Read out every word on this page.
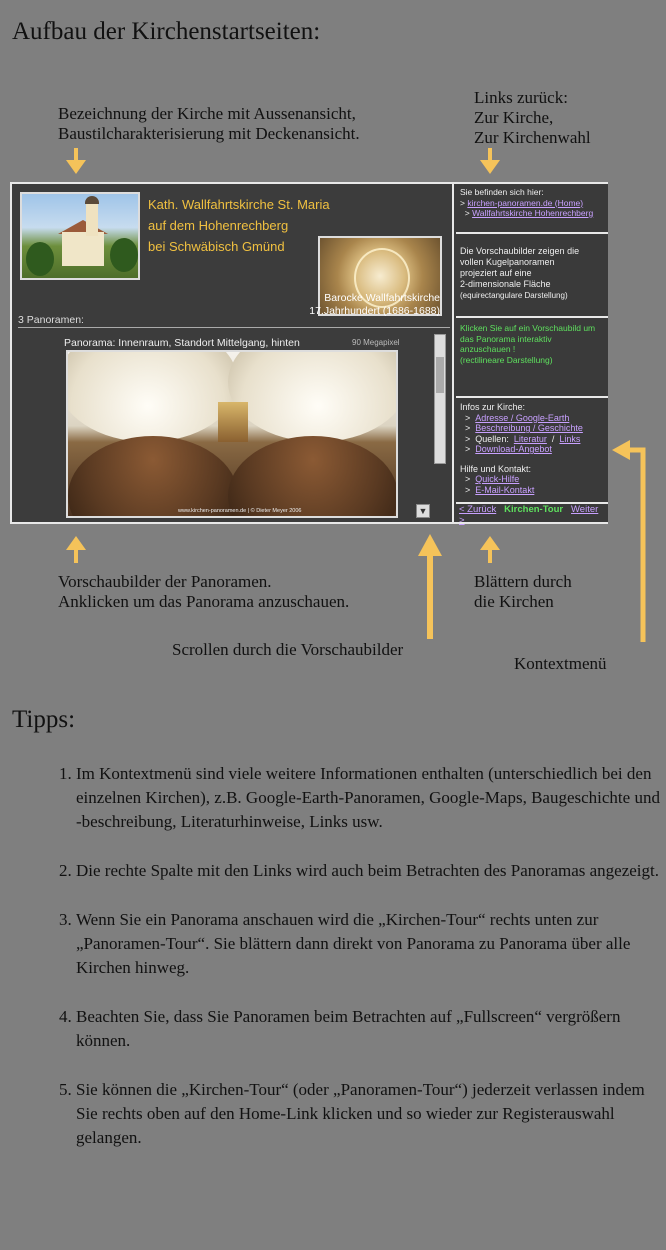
Aufbau der Kirchenstartseiten:
Bezeichnung der Kirche mit Aussenansicht,
Baustilcharakterisierung mit Deckenansicht.
Links zurück:
Zur Kirche,
Zur Kirchenwahl
Kath. Wallfahrtskirche St. Maria
auf dem Hohenrechberg
bei Schwäbisch Gmünd
Barocke Wallfahrtskirche
17.Jahrhundert (1686-1688)
3 Panoramen:
Panorama: Innenraum, Standort Mittelgang, hinten	90 Megapixel
www.kirchen-panoramen.de | © Dieter Meyer 2006	▼
Sie befinden sich hier:
> kirchen-panoramen.de (Home)
> Wallfahrtskirche Hohenrechberg
Die Vorschaubilder zeigen die
vollen Kugelpanoramen
projeziert auf eine
2-dimensionale Fläche
(equirectangulare Darstellung)
Klicken Sie auf ein Vorschaubild um
das Panorama interaktiv
anzuschauen !
(rectilineare Darstellung)
Infos zur Kirche:
> Adresse / Google-Earth
> Beschreibung / Geschichte
> Quellen: Literatur / Links
> Download-Angebot
Hilfe und Kontakt:
> Quick-Hilfe
> E-Mail-Kontakt
< Zurück Kirchen-Tour Weiter >
Vorschaubilder der Panoramen.
Anklicken um das Panorama anzuschauen.
Blättern durch
die Kirchen
Scrollen durch die Vorschaubilder
Kontextmenü
Tipps:
1. Im Kontextmenü sind viele weitere Informationen enthalten (unterschiedlich bei den einzelnen Kirchen), z.B. Google-Earth-Panoramen, Google-Maps, Baugeschichte und -beschreibung, Literaturhinweise, Links usw.
2. Die rechte Spalte mit den Links wird auch beim Betrachten des Panoramas angezeigt.
3. Wenn Sie ein Panorama anschauen wird die „Kirchen-Tour“ rechts unten zur „Panoramen-Tour“. Sie blättern dann direkt von Panorama zu Panorama über alle Kirchen hinweg.
4. Beachten Sie, dass Sie Panoramen beim Betrachten auf „Fullscreen“ vergrößern können.
5. Sie können die „Kirchen-Tour“ (oder „Panoramen-Tour“) jederzeit verlassen indem Sie rechts oben auf den Home-Link klicken und so wieder zur Registerauswahl gelangen.
